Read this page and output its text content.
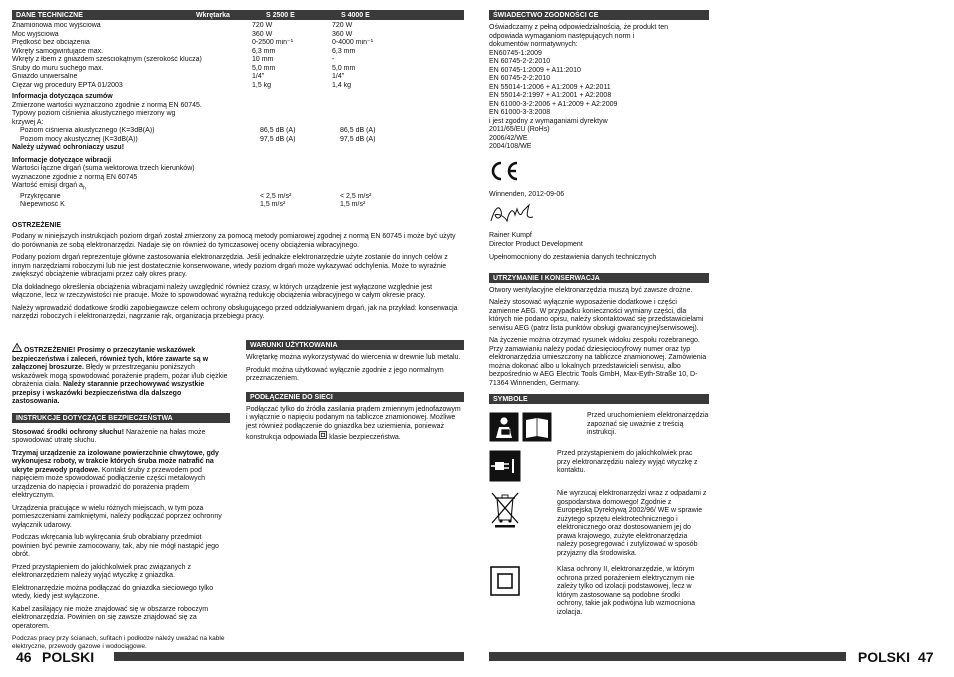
DANE TECHNICZNE	Wkrętarka	S 2500 E	S 4000 E
Znamionowa moc wyjściowa	720 W	720 W
Moc wyjściowa	360 W	360 W
Prędkość bez obciążenia	0-2500 min⁻¹	0-4000 min⁻¹
Wkręty samogwintujące max.	6,3 mm	6,3 mm
Wkręty z łbem z gniazdem sześciokątnym (szerokość klucza)	10 mm	-
Śruby do muru suchego max.	5,0 mm	5,0 mm
Gniazdo uniwersalne	1/4"	1/4"
Ciężar wg procedury EPTA 01/2003	1,5 kg	1,4 kg
Informacja dotycząca szumów
Zmierzone wartości wyznaczono zgodnie z normą EN 60745.
Typowy poziom ciśnienia akustycznego mierzony wg
krzywej A:
Poziom ciśnienia akustycznego (K=3dB(A))	86,5 dB (A)	86,5 dB (A)
Poziom mocy akustycznej (K=3dB(A))	97,5 dB (A)	97,5 dB (A)
Należy używać ochroniaczy uszu!
Informacje dotyczące wibracji
Wartości łączne drgań (suma wektorowa trzech kierunków) wyznaczone zgodnie z normą EN 60745
Wartość emisji drgań $a_h$
Przykręcanie	< 2,5 m/s²	< 2,5 m/s²
Niepewność K	1,5 m/s²	1,5 m/s²
OSTRZEŻENIE

Podany w niniejszych instrukcjach poziom drgań został zmierzony za pomocą metody pomiarowej zgodnej z normą EN 60745 i może być użyty do porównania ze sobą elektronarzędzi. Nadaje się on również do tymczasowej oceny obciążenia wibracyjnego.

Podany poziom drgań reprezentuje główne zastosowania elektronarzędzia. Jeśli jednakże elektronarzędzie użyte zostanie do innych celów z innym narzędziami roboczymi lub nie jest dostatecznie konserwowane, wtedy poziom drgań może wykazywać odchylenia. Może to wyraźnie zwiększyć obciążenie wibracjami przez cały okres pracy.

Dla dokładnego określenia obciążenia wibracjami należy uwzględnić również czasy, w których urządzenie jest wyłączone względnie jest włączone, lecz w rzeczywistości nie pracuje. Może to spowodować wyraźną redukcję obciążenia wibracyjnego w całym okresie pracy.

Należy wprowadzić dodatkowe środki zapobiegawcze celem ochrony obsługującego przed oddziaływaniem drgań, jak na przykład: konserwacja narzędzi roboczych i elektronarzędzi, nagrzanie rąk, organizacja przebiegu pracy.

! OSTRZEŻENIE! Prosimy o przeczytanie wskazówek bezpieczeństwa i zaleceń, również tych, które zawarte są w załączonej broszurze. Błędy w przestrzeganiu poniższych wskazówek mogą spowodować porażenie prądem, pożar i/lub ciężkie obrażenia ciała. Należy starannie przechowywać wszystkie przepisy i wskazówki bezpieczeństwa dla dalszego zastosowania.

INSTRUKCJE DOTYCZĄCE BEZPIECZEŃSTWA

Stosować środki ochrony słuchu! Narażenie na hałas może spowodować utratę słuchu.

Trzymaj urządzenie za izolowane powierzchnie chwytowe, gdy wykonujesz roboty, w trakcie których śruba może natrafić na ukryte przewody prądowe. Kontakt śruby z przewodem pod napięciem może spowodować podłączenie części metalowych urządzenia do napięcia i prowadzić do porażenia prądem elektrycznym.

Urządzenia pracujące w wielu różnych miejscach, w tym poza pomieszczeniami zamkniętymi, należy podłączać poprzez ochronny wyłącznik udarowy.

Podczas wkręcania lub wykręcania śrub obrabiany przedmiot powinien być pewnie zamocowany, tak, aby nie mógł nastąpić jego obrót.

Przed przystąpieniem do jakichkolwiek prac związanych z elektronarzędziem należy wyjąć wtyczkę z gniazdka.

Elektronarzędzie można podłączać do gniazdka sieciowego tylko wtedy, kiedy jest wyłączone.

Kabel zasilający nie może znajdować się w obszarze roboczym elektronarzędzia. Powinien on się zawsze znajdować się za operatorem.

Podczas pracy przy ścianach, sufitach i podłodze należy uważać na kable elektryczne, przewody gazowe i wodociągowe.

WARUNKI UŻYTKOWANIA

Wkrętarkę można wykorzystywać do wiercenia w drewnie lub metalu.

Produkt można użytkować wyłącznie zgodnie z jego normalnym przeznaczeniem.

PODŁĄCZENIE DO SIECI

Podłączać tylko do źródła zasilania prądem zmiennym jednofazowym i wyłącznie o napięciu podanym na tabliczce znamionowej. Możliwe jest również podłączenie do gniazdka bez uziemienia, ponieważ konstrukcja odpowiada  klasie bezpieczeństwa.

46 POLSKI
ŚWIADECTWO ZGODNOŚCI CE
Oświadczamy z pełną odpowiedzialnością, że produkt ten
odpowiada wymaganiom następujących norm i
dokumentów normatywnych:
EN60745-1:2009
EN 60745-2-2:2010
EN 60745-1:2009 + A11:2010
EN 60745-2-2:2010
EN 55014-1:2006 + A1:2009 + A2:2011
EN 55014-2:1997 + A1:2001 + A2:2008
EN 61000-3-2:2006 + A1:2009 + A2:2009
EN 61000-3-3:2008
i jest zgodny z wymaganiami dyrektyw
2011/65/EU (RoHs)
2006/42/WE
2004/108/WE
Winnenden, 2012-09-06
Rainer Kumpf
Director Product Development
Upełnomocniony do zestawienia danych technicznych
UTRZYMANIE I KONSERWACJA

Otwory wentylacyjne elektronarzędzia muszą być zawsze drożne.

Należy stosować wyłącznie wyposażenie dodatkowe i części zamienne AEG. W przypadku konieczności wymiany części, dla których nie podano opisu, należy skontaktować się przedstawicielami serwisu AEG (patrz lista punktów obsługi gwarancyjnej/serwisowej).

Na życzenie można otrzymać rysunek widoku zespołu rozebranego. Przy zamawianiu należy podać dziesięciocyfrowy numer oraz typ elektronarzędzia umieszczony na tabliczce znamionowej. Zamówienia można dokonać albo u lokalnych przedstawicieli serwisu, albo bezpośrednio w AEG Electric Tools GmbH, Max-Eyth-Straße 10, D-71364 Winnenden, Germany.

SYMBOLE
Przed uruchomieniem elektronarzędzia zapoznać się uważnie z treścią instrukcji.
Przed przystąpieniem do jakichkolwiek prac przy elektronarzędziu należy wyjąć wtyczkę z kontaktu.
Nie wyrzucaj elektronarzędzi wraz z odpadami z gospodarstwa domowego! Zgodnie z Europejską Dyrektywą 2002/96/ WE w sprawie zużytego sprzętu elektrotechnicznego i elektronicznego oraz dostosowaniem jej do prawa krajowego, zużyte elektronarzędzia należy posegregować i zutylizować w sposób przyjazny dla środowiska.
Klasa ochrony II, elektronarzędzie, w którym ochrona przed porażeniem elektrycznym nie zależy tylko od izolacji podstawowej, lecz w którym zastosowane są podobne środki ochrony, takie jak podwójna lub wzmocniona izolacja.
POLSKI 47
